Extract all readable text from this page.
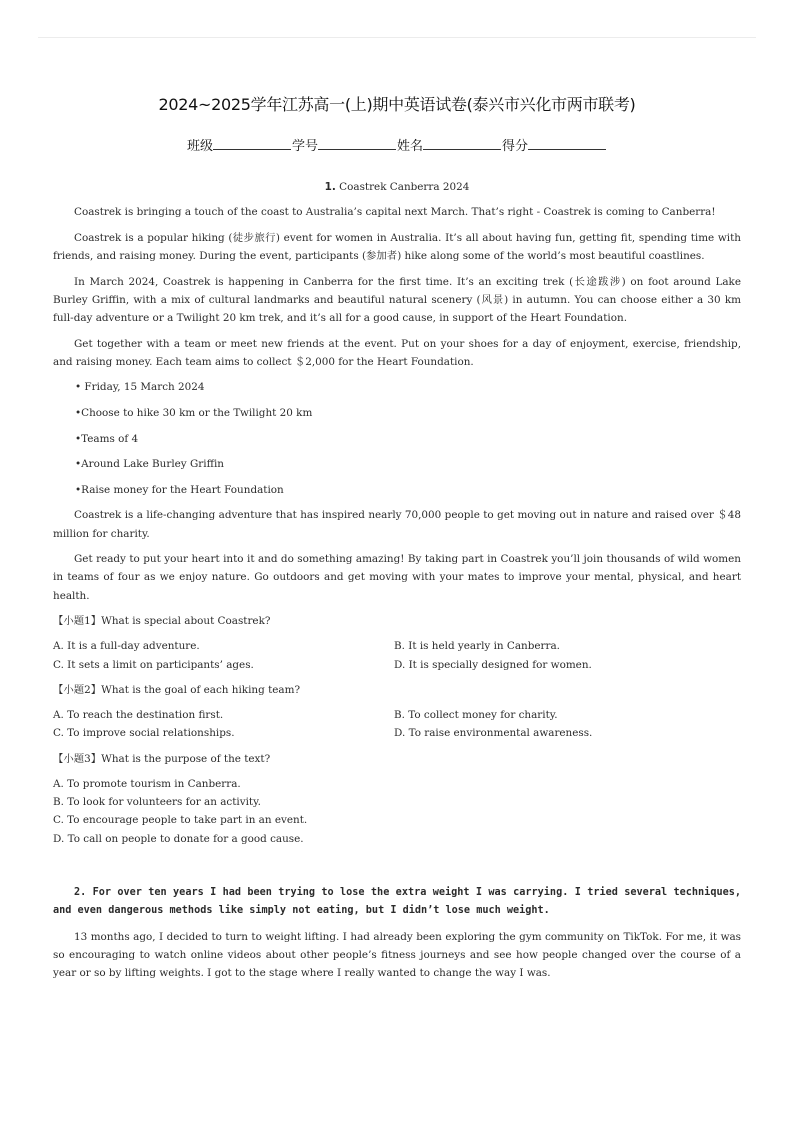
2024~2025学年江苏高一(上)期中英语试卷(泰兴市兴化市两市联考)
班级	学号	姓名	得分
1. Coastrek Canberra 2024

Coastrek is bringing a touch of the coast to Australia’s capital next March. That’s right - Coastrek is coming to Canberra!

Coastrek is a popular hiking (徒步旅行) event for women in Australia. It’s all about having fun, getting fit, spending time with friends, and raising money. During the event, participants (参加者) hike along some of the world’s most beautiful coastlines.

In March 2024, Coastrek is happening in Canberra for the first time. It’s an exciting trek (长途跋涉) on foot around Lake Burley Griffin, with a mix of cultural landmarks and beautiful natural scenery (风景) in autumn. You can choose either a 30 km full-day adventure or a Twilight 20 km trek, and it’s all for a good cause, in support of the Heart Foundation.

Get together with a team or meet new friends at the event. Put on your shoes for a day of enjoyment, exercise, friendship, and raising money. Each team aims to collect ＄2,000 for the Heart Foundation.

• Friday, 15 March 2024
•Choose to hike 30 km or the Twilight 20 km
•Teams of 4
•Around Lake Burley Griffin
•Raise money for the Heart Foundation

Coastrek is a life-changing adventure that has inspired nearly 70,000 people to get moving out in nature and raised over ＄48 million for charity.

Get ready to put your heart into it and do something amazing! By taking part in Coastrek you’ll join thousands of wild women in teams of four as we enjoy nature. Go outdoors and get moving with your mates to improve your mental, physical, and heart health.

【小题1】What is special about Coastrek?
A. It is a full-day adventure.	B. It is held yearly in Canberra.
C. It sets a limit on participants’ ages.	D. It is specially designed for women.
【小题2】What is the goal of each hiking team?
A. To reach the destination first.	B. To collect money for charity.
C. To improve social relationships.	D. To raise environmental awareness.
【小题3】What is the purpose of the text?
A. To promote tourism in Canberra.
B. To look for volunteers for an activity.
C. To encourage people to take part in an event.
D. To call on people to donate for a good cause.
2. For over ten years I had been trying to lose the extra weight I was carrying. I tried several techniques, and even dangerous methods like simply not eating, but I didn’t lose much weight.

13 months ago, I decided to turn to weight lifting. I had already been exploring the gym community on TikTok. For me, it was so encouraging to watch online videos about other people’s fitness journeys and see how people changed over the course of a year or so by lifting weights. I got to the stage where I really wanted to change the way I was.
